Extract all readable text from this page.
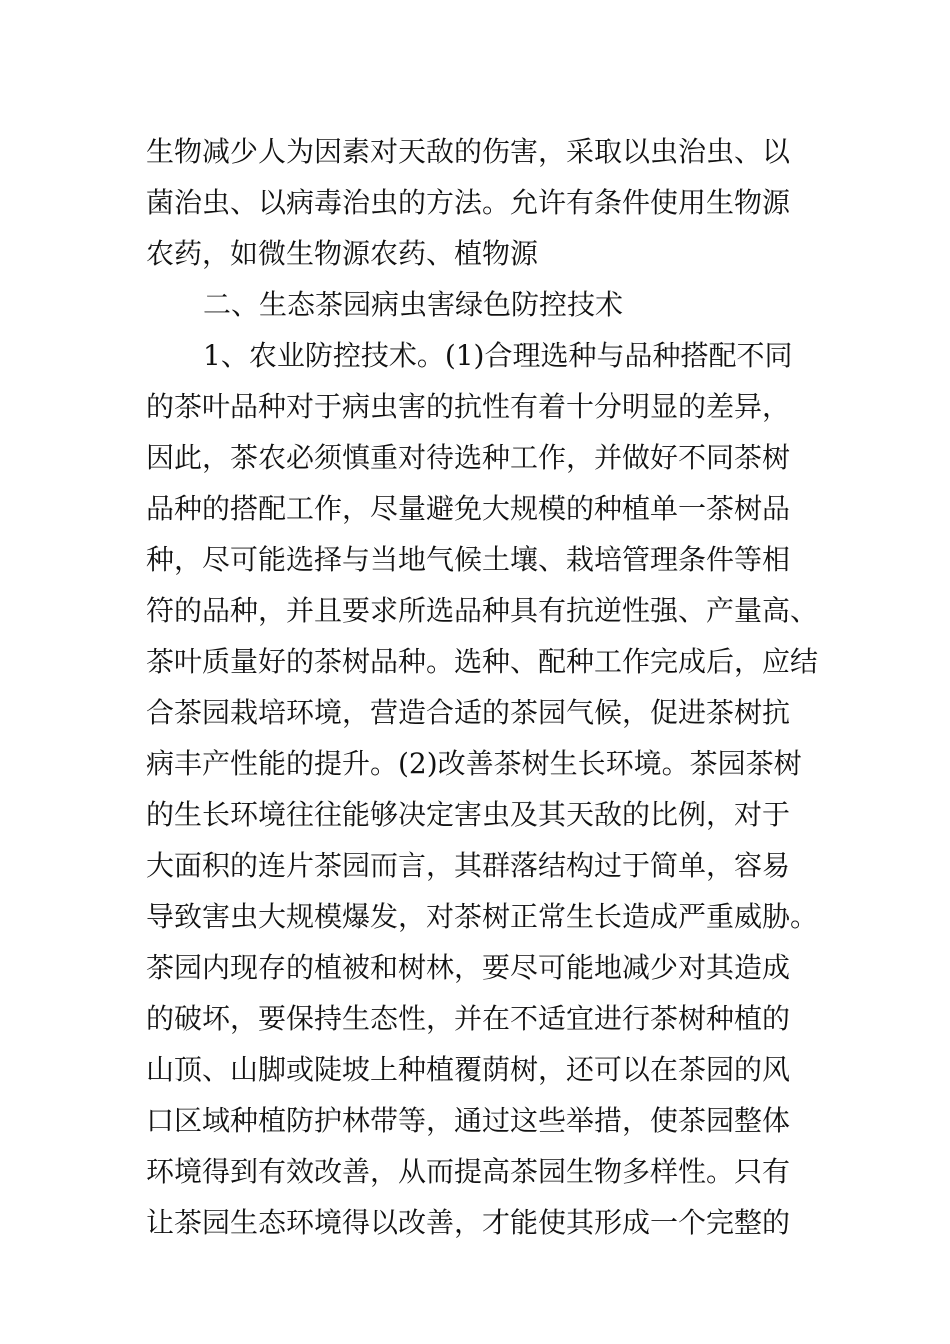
生物减少人为因素对天敌的伤害，采取以虫治虫、以
菌治虫、以病毒治虫的方法。允许有条件使用生物源
农药，如微生物源农药、植物源
二、生态茶园病虫害绿色防控技术
1、农业防控技术。(1)合理选种与品种搭配不同
的茶叶品种对于病虫害的抗性有着十分明显的差异，
因此，茶农必须慎重对待选种工作，并做好不同茶树
品种的搭配工作，尽量避免大规模的种植单一茶树品
种，尽可能选择与当地气候土壤、栽培管理条件等相
符的品种，并且要求所选品种具有抗逆性强、产量高、
茶叶质量好的茶树品种。选种、配种工作完成后，应结
合茶园栽培环境，营造合适的茶园气候，促进茶树抗
病丰产性能的提升。(2)改善茶树生长环境。茶园茶树
的生长环境往往能够决定害虫及其天敌的比例，对于
大面积的连片茶园而言，其群落结构过于简单，容易
导致害虫大规模爆发，对茶树正常生长造成严重威胁。
茶园内现存的植被和树林，要尽可能地减少对其造成
的破坏，要保持生态性，并在不适宜进行茶树种植的
山顶、山脚或陡坡上种植覆荫树，还可以在茶园的风
口区域种植防护林带等，通过这些举措，使茶园整体
环境得到有效改善，从而提高茶园生物多样性。只有
让茶园生态环境得以改善，才能使其形成一个完整的
